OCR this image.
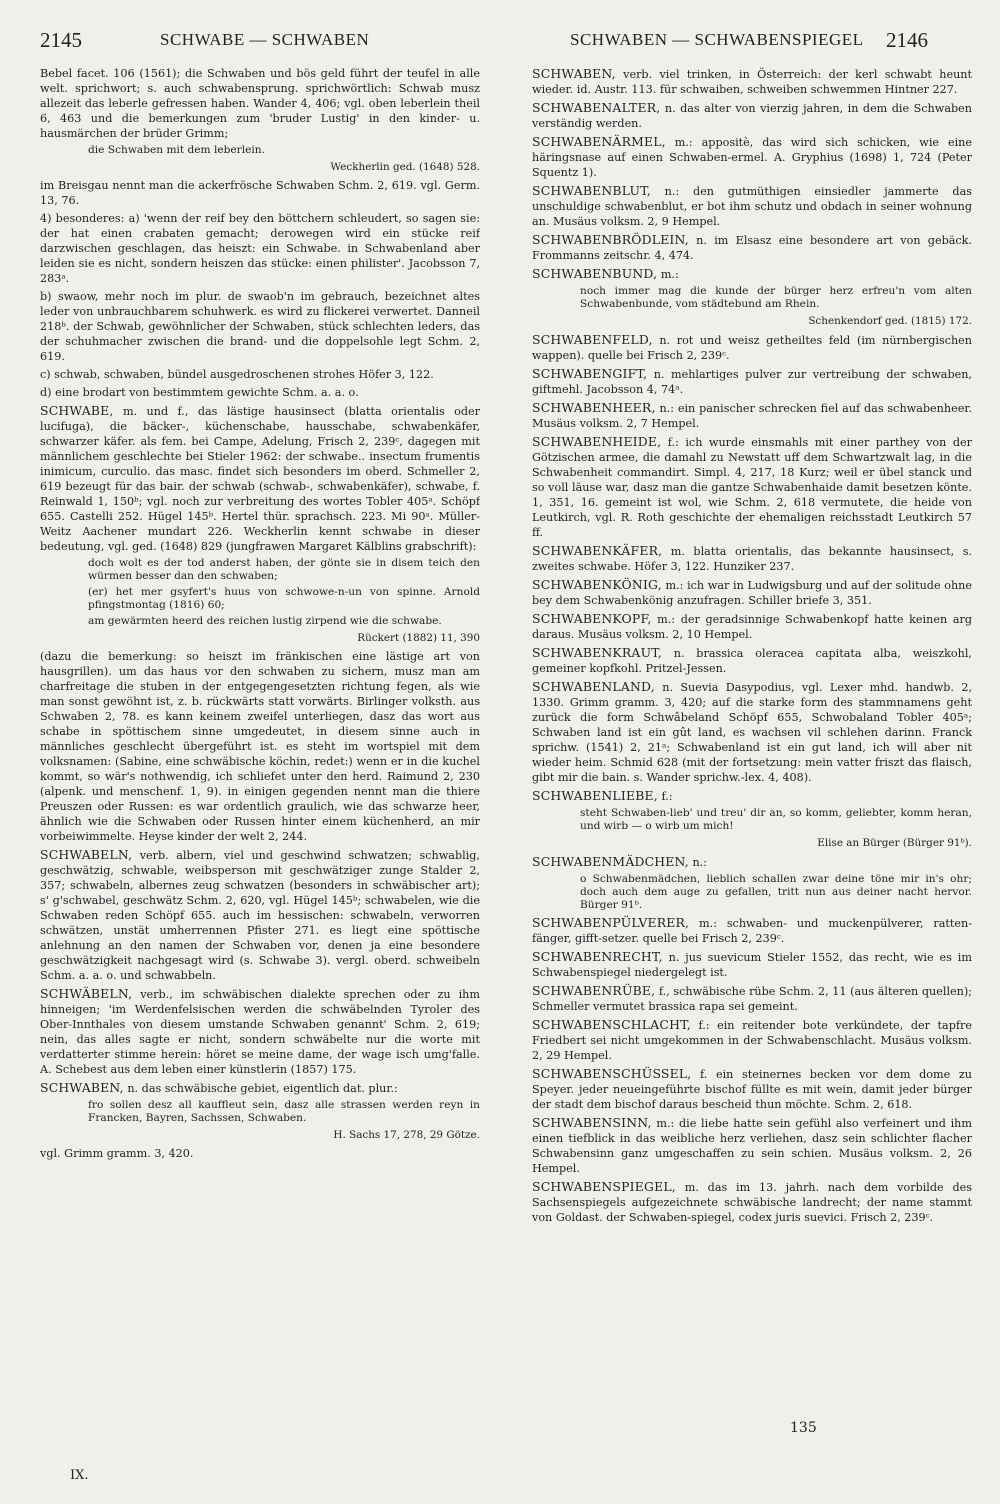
2145	SCHWABE — SCHWABEN	SCHWABEN — SCHWABENSPIEGEL 2146
Bebel facet. 106 (1561); die Schwaben und bös geld führt der teufel in alle welt. sprichwort; s. auch schwabensprung. sprichwörtlich: Schwab musz allezeit das leberle gefressen haben. Wander 4, 406; vgl. oben leberlein theil 6, 463 und die bemerkungen zum 'bruder Lustig' in den kinder- u. hausmärchen der brüder Grimm;
die Schwaben mit dem leberlein.
Weckherlin ged. (1648) 528.
im Breisgau nennt man die ackerfrösche Schwaben Schm. 2, 619. vgl. Germ. 13, 76.
4) besonderes: a) 'wenn der reif bey den böttchern schleudert, so sagen sie: der hat einen crabaten gemacht; derowegen wird ein stücke reif darzwischen geschlagen, das heiszt: ein Schwabe. in Schwabenland aber leiden sie es nicht, sondern heiszen das stücke: einen philister'. Jacobsson 7, 283ᵃ.
b) swaow, mehr noch im plur. de swaob'n im gebrauch, bezeichnet altes leder von unbrauchbarem schuhwerk. es wird zu flickerei verwertet. Danneil 218ᵇ. der Schwab, gewöhnlicher der Schwaben, stück schlechten leders, das der schuhmacher zwischen die brand- und die doppelsohle legt Schm. 2, 619.
c) schwab, schwaben, bündel ausgedroschenen strohes Höfer 3, 122.
d) eine brodart von bestimmtem gewichte Schm. a. a. o.
SCHWABE, m. und f., das lästige hausinsect (blatta orientalis oder lucifuga), die bäcker-, küchenschabe, hausschabe, schwabenkäfer, schwarzer käfer. als fem. bei Campe, Adelung, Frisch 2, 239ᶜ, dagegen mit männlichem geschlechte bei Stieler 1962: der schwabe.. insectum frumentis inimicum, curculio. das masc. findet sich besonders im oberd. Schmeller 2, 619 bezeugt für das bair. der schwab (schwab-, schwabenkäfer), schwabe, f. Reinwald 1, 150ᵇ; vgl. noch zur verbreitung des wortes Tobler 405ᵃ. Schöpf 655. Castelli 252. Hügel 145ᵇ. Hertel thür. sprachsch. 223. Mi 90ᵃ. Müller-Weitz Aachener mundart 226. Weckherlin kennt schwabe in dieser bedeutung, vgl. ged. (1648) 829 (jungfrawen Margaret Kälblins grabschrift):
doch wolt es der tod anderst haben, der gönte sie in disem teich den würmen besser dan den schwaben;
(er) het mer gsyfert's huus von schwowe-n-un von spinne. Arnold pfingstmontag (1816) 60;
am gewärmten heerd des reichen lustig zirpend wie die schwabe.
Rückert (1882) 11, 390
(dazu die bemerkung: so heiszt im fränkischen eine lästige art von hausgrillen). um das haus vor den schwaben zu sichern, musz man am charfreitage die stuben in der entgegengesetzten richtung fegen, als wie man sonst gewöhnt ist, z. b. rückwärts statt vorwärts. Birlinger volksth. aus Schwaben 2, 78. es kann keinem zweifel unterliegen, dasz das wort aus schabe in spöttischem sinne umgedeutet, in diesem sinne auch in männliches geschlecht übergeführt ist. es steht im wortspiel mit dem volksnamen: (Sabine, eine schwäbische köchin, redet:) wenn er in die kuchel kommt, so wär's nothwendig, ich schliefet unter den herd. Raimund 2, 230 (alpenk. und menschenf. 1, 9). in einigen gegenden nennt man die thiere Preuszen oder Russen: es war ordentlich graulich, wie das schwarze heer, ähnlich wie die Schwaben oder Russen hinter einem küchenherd, an mir vorbeiwimmelte. Heyse kinder der welt 2, 244.
SCHWABELN, verb. albern, viel und geschwind schwatzen; schwablig, geschwätzig, schwable, weibsperson mit geschwätziger zunge Stalder 2, 357; schwabeln, albernes zeug schwatzen (besonders in schwäbischer art); s' g'schwabel, geschwätz Schm. 2, 620, vgl. Hügel 145ᵇ; schwabelen, wie die Schwaben reden Schöpf 655. auch im hessischen: schwabeln, verworren schwätzen, unstät umherrennen Pfister 271. es liegt eine spöttische anlehnung an den namen der Schwaben vor, denen ja eine besondere geschwätzigkeit nachgesagt wird (s. Schwabe 3). vergl. oberd. schweibeln Schm. a. a. o. und schwabbeln.
SCHWÄBELN, verb., im schwäbischen dialekte sprechen oder zu ihm hinneigen; 'im Werdenfelsischen werden die schwäbelnden Tyroler des Ober-Innthales von diesem umstande Schwaben genannt' Schm. 2, 619; nein, das alles sagte er nicht, sondern schwäbelte nur die worte mit verdatterter stimme herein: höret se meine dame, der wage isch umg'falle. A. Schebest aus dem leben einer künstlerin (1857) 175.
SCHWABEN, n. das schwäbische gebiet, eigentlich dat. plur.:
fro sollen desz all kauffleut sein, dasz alle strassen werden reyn in Francken, Bayren, Sachssen, Schwaben.
H. Sachs 17, 278, 29 Götze.
vgl. Grimm gramm. 3, 420.
SCHWABEN, verb. viel trinken, in Österreich: der kerl schwabt heunt wieder. id. Austr. 113. für schwaiben, schweiben schwemmen Hintner 227.
SCHWABENALTER, n. das alter von vierzig jahren, in dem die Schwaben verständig werden.
SCHWABENÄRMEL, m.: appositè, das wird sich schicken, wie eine häringsnase auf einen Schwaben-ermel. A. Gryphius (1698) 1, 724 (Peter Squentz 1).
SCHWABENBLUT, n.: den gutmüthigen einsiedler jammerte das unschuldige schwabenblut, er bot ihm schutz und obdach in seiner wohnung an. Musäus volksm. 2, 9 Hempel.
SCHWABENBRÖDLEIN, n. im Elsasz eine besondere art von gebäck. Frommanns zeitschr. 4, 474.
SCHWABENBUND, m.:
noch immer mag die kunde der bürger herz erfreu'n vom alten Schwabenbunde, vom städtebund am Rhein.
Schenkendorf ged. (1815) 172.
SCHWABENFELD, n. rot und weisz getheiltes feld (im nürnbergischen wappen). quelle bei Frisch 2, 239ᶜ.
SCHWABENGIFT, n. mehlartiges pulver zur vertreibung der schwaben, giftmehl. Jacobsson 4, 74ᵃ.
SCHWABENHEER, n.: ein panischer schrecken fiel auf das schwabenheer. Musäus volksm. 2, 7 Hempel.
SCHWABENHEIDE, f.: ich wurde einsmahls mit einer parthey von der Götzischen armee, die damahl zu Newstatt uff dem Schwartzwalt lag, in die Schwabenheit commandirt. Simpl. 4, 217, 18 Kurz; weil er übel stanck und so voll läuse war, dasz man die gantze Schwabenhaide damit besetzen könte. 1, 351, 16. gemeint ist wol, wie Schm. 2, 618 vermutete, die heide von Leutkirch, vgl. R. Roth geschichte der ehemaligen reichsstadt Leutkirch 57 ff.
SCHWABENKÄFER, m. blatta orientalis, das bekannte hausinsect, s. zweites schwabe. Höfer 3, 122. Hunziker 237.
SCHWABENKÖNIG, m.: ich war in Ludwigsburg und auf der solitude ohne bey dem Schwabenkönig anzufragen. Schiller briefe 3, 351.
SCHWABENKOPF, m.: der geradsinnige Schwabenkopf hatte keinen arg daraus. Musäus volksm. 2, 10 Hempel.
SCHWABENKRAUT, n. brassica oleracea capitata alba, weiszkohl, gemeiner kopfkohl. Pritzel-Jessen.
SCHWABENLAND, n. Suevia Dasypodius, vgl. Lexer mhd. handwb. 2, 1330. Grimm gramm. 3, 420; auf die starke form des stammnamens geht zurück die form Schwâbeland Schöpf 655, Schwobaland Tobler 405ᵃ; Schwaben land ist ein gût land, es wachsen vil schlehen darinn. Franck sprichw. (1541) 2, 21ᵃ; Schwabenland ist ein gut land, ich will aber nit wieder heim. Schmid 628 (mit der fortsetzung: mein vatter friszt das flaisch, gibt mir die bain. s. Wander sprichw.-lex. 4, 408).
SCHWABENLIEBE, f.:
steht Schwaben-lieb' und treu' dir an, so komm, geliebter, komm heran, und wirb — o wirb um mich!
Elise an Bürger (Bürger 91ᵇ).
SCHWABENMÄDCHEN, n.:
o Schwabenmädchen, lieblich schallen zwar deine töne mir in's ohr; doch auch dem auge zu gefallen, tritt nun aus deiner nacht hervor. Bürger 91ᵇ.
SCHWABENPÜLVERER, m.: schwaben- und muckenpülverer, ratten-fänger, gifft-setzer. quelle bei Frisch 2, 239ᶜ.
SCHWABENRECHT, n. jus suevicum Stieler 1552, das recht, wie es im Schwabenspiegel niedergelegt ist.
SCHWABENRÜBE, f., schwäbische rübe Schm. 2, 11 (aus älteren quellen); Schmeller vermutet brassica rapa sei gemeint.
SCHWABENSCHLACHT, f.: ein reitender bote verkündete, der tapfre Friedbert sei nicht umgekommen in der Schwabenschlacht. Musäus volksm. 2, 29 Hempel.
SCHWABENSCHÜSSEL, f. ein steinernes becken vor dem dome zu Speyer. jeder neueingeführte bischof füllte es mit wein, damit jeder bürger der stadt dem bischof daraus bescheid thun möchte. Schm. 2, 618.
SCHWABENSINN, m.: die liebe hatte sein gefühl also verfeinert und ihm einen tiefblick in das weibliche herz verliehen, dasz sein schlichter flacher Schwabensinn ganz umgeschaffen zu sein schien. Musäus volksm. 2, 26 Hempel.
SCHWABENSPIEGEL, m. das im 13. jahrh. nach dem vorbilde des Sachsenspiegels aufgezeichnete schwäbische landrecht; der name stammt von Goldast. der Schwaben-spiegel, codex juris suevici. Frisch 2, 239ᶜ.
IX.
135
